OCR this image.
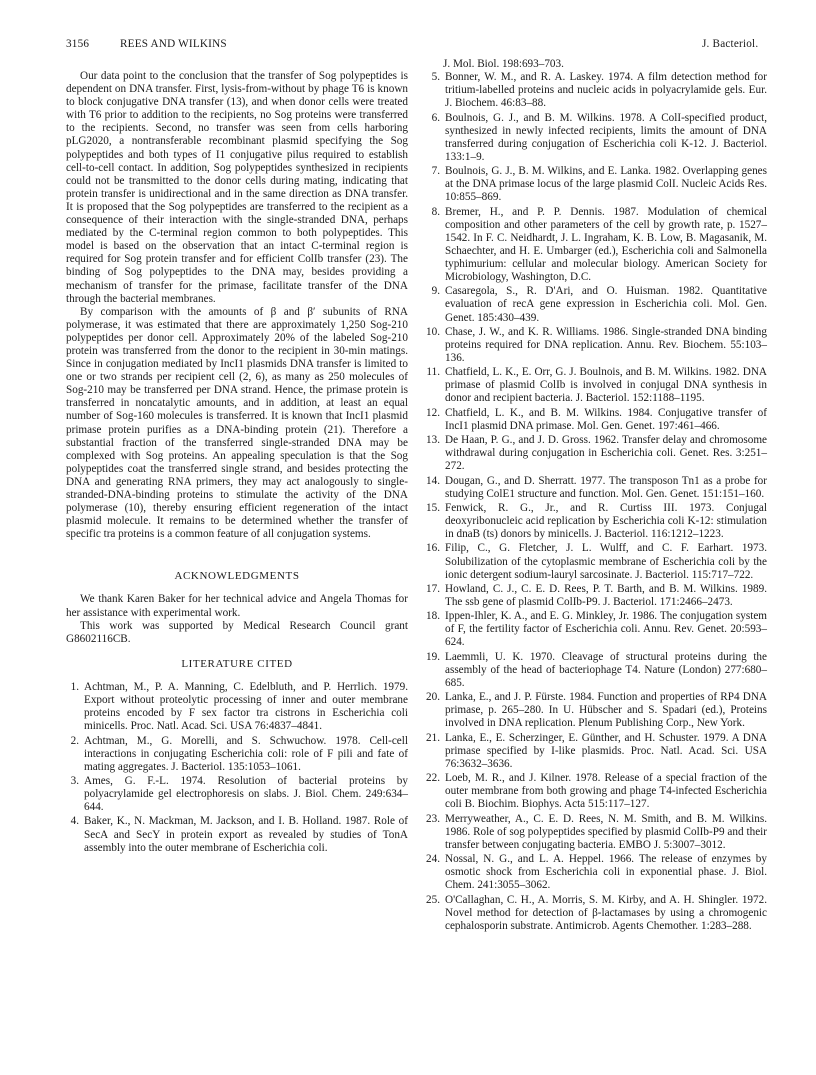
3156	REES AND WILKINS	J. Bacteriol.

Our data point to the conclusion that the transfer of Sog polypeptides is dependent on DNA transfer. First, lysis-from-without by phage T6 is known to block conjugative DNA transfer (13), and when donor cells were treated with T6 prior to addition to the recipients, no Sog proteins were transferred to the recipients. Second, no transfer was seen from cells harboring pLG2020, a nontransferable recombinant plasmid specifying the Sog polypeptides and both types of I1 conjugative pilus required to establish cell-to-cell contact. In addition, Sog polypeptides synthesized in recipients could not be transmitted to the donor cells during mating, indicating that protein transfer is unidirectional and in the same direction as DNA transfer. It is proposed that the Sog polypeptides are transferred to the recipient as a consequence of their interaction with the single-stranded DNA, perhaps mediated by the C-terminal region common to both polypeptides. This model is based on the observation that an intact C-terminal region is required for Sog protein transfer and for efficient ColIb transfer (23). The binding of Sog polypeptides to the DNA may, besides providing a mechanism of transfer for the primase, facilitate transfer of the DNA through the bacterial membranes.

By comparison with the amounts of β and β′ subunits of RNA polymerase, it was estimated that there are approximately 1,250 Sog-210 polypeptides per donor cell. Approximately 20% of the labeled Sog-210 protein was transferred from the donor to the recipient in 30-min matings. Since in conjugation mediated by IncI1 plasmids DNA transfer is limited to one or two strands per recipient cell (2, 6), as many as 250 molecules of Sog-210 may be transferred per DNA strand. Hence, the primase protein is transferred in noncatalytic amounts, and in addition, at least an equal number of Sog-160 molecules is transferred. It is known that IncI1 plasmid primase protein purifies as a DNA-binding protein (21). Therefore a substantial fraction of the transferred single-stranded DNA may be complexed with Sog proteins. An appealing speculation is that the Sog polypeptides coat the transferred single strand, and besides protecting the DNA and generating RNA primers, they may act analogously to single-stranded-DNA-binding proteins to stimulate the activity of the DNA polymerase (10), thereby ensuring efficient regeneration of the intact plasmid molecule. It remains to be determined whether the transfer of specific tra proteins is a common feature of all conjugation systems.

ACKNOWLEDGMENTS

We thank Karen Baker for her technical advice and Angela Thomas for her assistance with experimental work.

This work was supported by Medical Research Council grant G8602116CB.

LITERATURE CITED
1. Achtman, M., P. A. Manning, C. Edelbluth, and P. Herrlich. 1979. Export without proteolytic processing of inner and outer membrane proteins encoded by F sex factor tra cistrons in Escherichia coli minicells. Proc. Natl. Acad. Sci. USA 76:4837–4841.
2. Achtman, M., G. Morelli, and S. Schwuchow. 1978. Cell-cell interactions in conjugating Escherichia coli: role of F pili and fate of mating aggregates. J. Bacteriol. 135:1053–1061.
3. Ames, G. F.-L. 1974. Resolution of bacterial proteins by polyacrylamide gel electrophoresis on slabs. J. Biol. Chem. 249:634–644.
4. Baker, K., N. Mackman, M. Jackson, and I. B. Holland. 1987. Role of SecA and SecY in protein export as revealed by studies of TonA assembly into the outer membrane of Escherichia coli.
J. Mol. Biol. 198:693–703.
5. Bonner, W. M., and R. A. Laskey. 1974. A film detection method for tritium-labelled proteins and nucleic acids in polyacrylamide gels. Eur. J. Biochem. 46:83–88.
6. Boulnois, G. J., and B. M. Wilkins. 1978. A ColI-specified product, synthesized in newly infected recipients, limits the amount of DNA transferred during conjugation of Escherichia coli K-12. J. Bacteriol. 133:1–9.
7. Boulnois, G. J., B. M. Wilkins, and E. Lanka. 1982. Overlapping genes at the DNA primase locus of the large plasmid ColI. Nucleic Acids Res. 10:855–869.
8. Bremer, H., and P. P. Dennis. 1987. Modulation of chemical composition and other parameters of the cell by growth rate, p. 1527–1542. In F. C. Neidhardt, J. L. Ingraham, K. B. Low, B. Magasanik, M. Schaechter, and H. E. Umbarger (ed.), Escherichia coli and Salmonella typhimurium: cellular and molecular biology. American Society for Microbiology, Washington, D.C.
9. Casaregola, S., R. D'Ari, and O. Huisman. 1982. Quantitative evaluation of recA gene expression in Escherichia coli. Mol. Gen. Genet. 185:430–439.
10. Chase, J. W., and K. R. Williams. 1986. Single-stranded DNA binding proteins required for DNA replication. Annu. Rev. Biochem. 55:103–136.
11. Chatfield, L. K., E. Orr, G. J. Boulnois, and B. M. Wilkins. 1982. DNA primase of plasmid ColIb is involved in conjugal DNA synthesis in donor and recipient bacteria. J. Bacteriol. 152:1188–1195.
12. Chatfield, L. K., and B. M. Wilkins. 1984. Conjugative transfer of IncI1 plasmid DNA primase. Mol. Gen. Genet. 197:461–466.
13. De Haan, P. G., and J. D. Gross. 1962. Transfer delay and chromosome withdrawal during conjugation in Escherichia coli. Genet. Res. 3:251–272.
14. Dougan, G., and D. Sherratt. 1977. The transposon Tn1 as a probe for studying ColE1 structure and function. Mol. Gen. Genet. 151:151–160.
15. Fenwick, R. G., Jr., and R. Curtiss III. 1973. Conjugal deoxyribonucleic acid replication by Escherichia coli K-12: stimulation in dnaB (ts) donors by minicells. J. Bacteriol. 116:1212–1223.
16. Filip, C., G. Fletcher, J. L. Wulff, and C. F. Earhart. 1973. Solubilization of the cytoplasmic membrane of Escherichia coli by the ionic detergent sodium-lauryl sarcosinate. J. Bacteriol. 115:717–722.
17. Howland, C. J., C. E. D. Rees, P. T. Barth, and B. M. Wilkins. 1989. The ssb gene of plasmid ColIb-P9. J. Bacteriol. 171:2466–2473.
18. Ippen-Ihler, K. A., and E. G. Minkley, Jr. 1986. The conjugation system of F, the fertility factor of Escherichia coli. Annu. Rev. Genet. 20:593–624.
19. Laemmli, U. K. 1970. Cleavage of structural proteins during the assembly of the head of bacteriophage T4. Nature (London) 277:680–685.
20. Lanka, E., and J. P. Fürste. 1984. Function and properties of RP4 DNA primase, p. 265–280. In U. Hübscher and S. Spadari (ed.), Proteins involved in DNA replication. Plenum Publishing Corp., New York.
21. Lanka, E., E. Scherzinger, E. Günther, and H. Schuster. 1979. A DNA primase specified by I-like plasmids. Proc. Natl. Acad. Sci. USA 76:3632–3636.
22. Loeb, M. R., and J. Kilner. 1978. Release of a special fraction of the outer membrane from both growing and phage T4-infected Escherichia coli B. Biochim. Biophys. Acta 515:117–127.
23. Merryweather, A., C. E. D. Rees, N. M. Smith, and B. M. Wilkins. 1986. Role of sog polypeptides specified by plasmid ColIb-P9 and their transfer between conjugating bacteria. EMBO J. 5:3007–3012.
24. Nossal, N. G., and L. A. Heppel. 1966. The release of enzymes by osmotic shock from Escherichia coli in exponential phase. J. Biol. Chem. 241:3055–3062.
25. O'Callaghan, C. H., A. Morris, S. M. Kirby, and A. H. Shingler. 1972. Novel method for detection of β-lactamases by using a chromogenic cephalosporin substrate. Antimicrob. Agents Chemother. 1:283–288.
